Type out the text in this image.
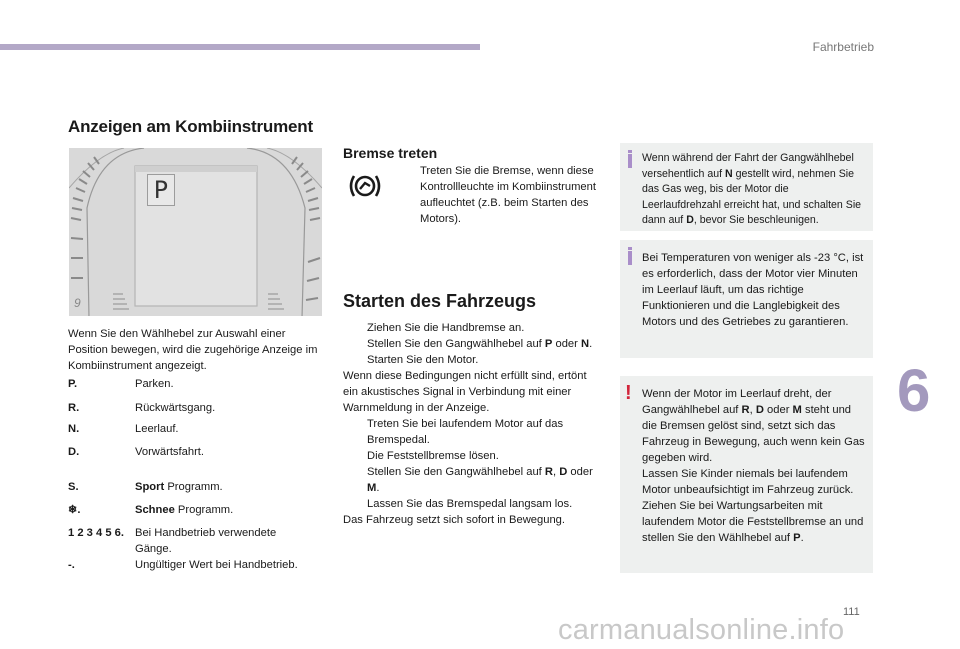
Fahrbetrieb
Anzeigen am Kombiinstrument
P
9
Wenn Sie den Wählhebel zur Auswahl einer Position bewegen, wird die zugehörige Anzeige im Kombiinstrument angezeigt.
P.	Parken.
R.	Rückwärtsgang.
N.	Leerlauf.
D.	Vorwärtsfahrt.
S.	Sport Programm.
❄.	Schnee Programm.
1 2 3 4 5 6. Bei Handbetrieb verwendete Gänge.
-.	Ungültiger Wert bei Handbetrieb.
Bremse treten
Treten Sie die Bremse, wenn diese Kontrollleuchte im Kombiinstrument aufleuchtet (z.B. beim Starten des Motors).
Starten des Fahrzeugs
Ziehen Sie die Handbremse an.
Stellen Sie den Gangwählhebel auf P oder N.
Starten Sie den Motor.
Wenn diese Bedingungen nicht erfüllt sind, ertönt ein akustisches Signal in Verbindung mit einer Warnmeldung in der Anzeige.
Treten Sie bei laufendem Motor auf das Bremspedal.
Die Feststellbremse lösen.
Stellen Sie den Gangwählhebel auf R, D oder M.
Lassen Sie das Bremspedal langsam los.
Das Fahrzeug setzt sich sofort in Bewegung.
Wenn während der Fahrt der Gangwählhebel versehentlich auf N gestellt wird, nehmen Sie das Gas weg, bis der Motor die Leerlaufdrehzahl erreicht hat, und schalten Sie dann auf D, bevor Sie beschleunigen.
Bei Temperaturen von weniger als -23 °C, ist es erforderlich, dass der Motor vier Minuten im Leerlauf läuft, um das richtige Funktionieren und die Langlebigkeit des Motors und des Getriebes zu garantieren.
! Wenn der Motor im Leerlauf dreht, der Gangwählhebel auf R, D oder M steht und die Bremsen gelöst sind, setzt sich das Fahrzeug in Bewegung, auch wenn kein Gas gegeben wird.
Lassen Sie Kinder niemals bei laufendem Motor unbeaufsichtigt im Fahrzeug zurück.
Ziehen Sie bei Wartungsarbeiten mit laufendem Motor die Feststellbremse an und stellen Sie den Wählhebel auf P.
6
111
carmanualsonline.info
